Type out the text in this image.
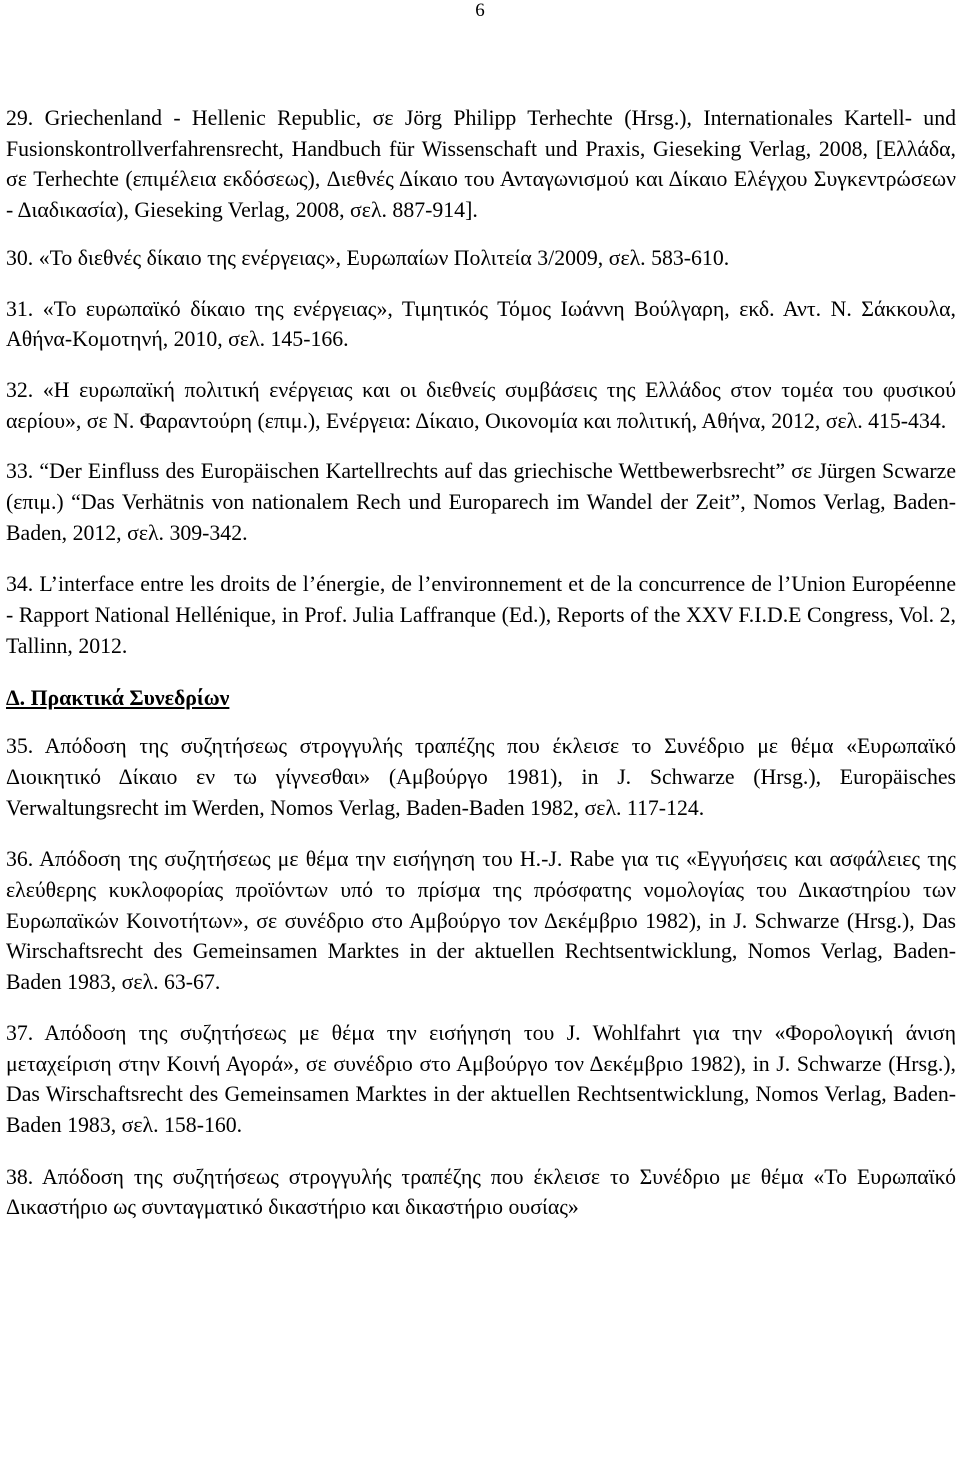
6

29. Griechenland - Hellenic Republic, σε Jörg Philipp Terhechte (Hrsg.), Internationales Kartell- und Fusionskontrollverfahrensrecht, Handbuch für Wissenschaft und Praxis, Gieseking Verlag, 2008, [Ελλάδα, σε Terhechte (επιμέλεια εκδόσεως), Διεθνές Δίκαιο του Ανταγωνισμού και Δίκαιο Ελέγχου Συγκεντρώσεων - Διαδικασία), Gieseking Verlag, 2008, σελ. 887-914].

30. «Το διεθνές δίκαιο της ενέργειας», Ευρωπαίων Πολιτεία 3/2009, σελ. 583-610.

31. «Το ευρωπαϊκό δίκαιο της ενέργειας», Τιμητικός Τόμος Ιωάννη Βούλγαρη, εκδ. Αντ. Ν. Σάκκουλα, Αθήνα-Κομοτηνή, 2010, σελ. 145-166.

32. «Η ευρωπαϊκή πολιτική ενέργειας και οι διεθνείς συμβάσεις της Ελλάδος στον τομέα του φυσικού αερίου», σε Ν. Φαραντούρη (επιμ.), Ενέργεια: Δίκαιο, Οικονομία και πολιτική, Αθήνα, 2012, σελ. 415-434.

33. “Der Einfluss des Europäischen Kartellrechts auf das griechische Wettbewerbsrecht” σε Jürgen Scwarze (επιμ.) “Das Verhätnis von nationalem Rech und Europarech im Wandel der Zeit”, Nomos Verlag, Baden-Baden, 2012, σελ. 309-342.

34. L’interface entre les droits de l’énergie, de l’environnement et de la concurrence de l’Union Européenne - Rapport National Hellénique, in Prof. Julia Laffranque (Ed.), Reports of the XXV F.I.D.E Congress, Vol. 2, Tallinn, 2012.

Δ. Πρακτικά Συνεδρίων

35. Απόδοση της συζητήσεως στρογγυλής τραπέζης που έκλεισε το Συνέδριο με θέμα «Ευρωπαϊκό Διοικητικό Δίκαιο εν τω γίγνεσθαι» (Αμβούργο 1981), in J. Schwarze (Hrsg.), Europäisches Verwaltungsrecht im Werden, Nomos Verlag, Baden-Baden 1982, σελ. 117-124.

36. Απόδοση της συζητήσεως με θέμα την εισήγηση του H.-J. Rabe για τις «Εγγυήσεις και ασφάλειες της ελεύθερης κυκλοφορίας προϊόντων υπό το πρίσμα της πρόσφατης νομολογίας του Δικαστηρίου των Ευρωπαϊκών Κοινοτήτων», σε συνέδριο στο Αμβούργο τον Δεκέμβριο 1982), in J. Schwarze (Hrsg.), Das Wirschaftsrecht des Gemeinsamen Marktes in der aktuellen Rechtsentwicklung, Nomos Verlag, Baden-Baden 1983, σελ. 63-67.

37. Απόδοση της συζητήσεως με θέμα την εισήγηση του J. Wohlfahrt για την «Φορολογική άνιση μεταχείριση στην Κοινή Αγορά», σε συνέδριο στο Αμβούργο τον Δεκέμβριο 1982), in J. Schwarze (Hrsg.), Das Wirschaftsrecht des Gemeinsamen Marktes in der aktuellen Rechtsentwicklung, Nomos Verlag, Baden-Baden 1983, σελ. 158-160.

38. Απόδοση της συζητήσεως στρογγυλής τραπέζης που έκλεισε το Συνέδριο με θέμα «Το Ευρωπαϊκό Δικαστήριο ως συνταγματικό δικαστήριο και δικαστήριο ουσίας»
